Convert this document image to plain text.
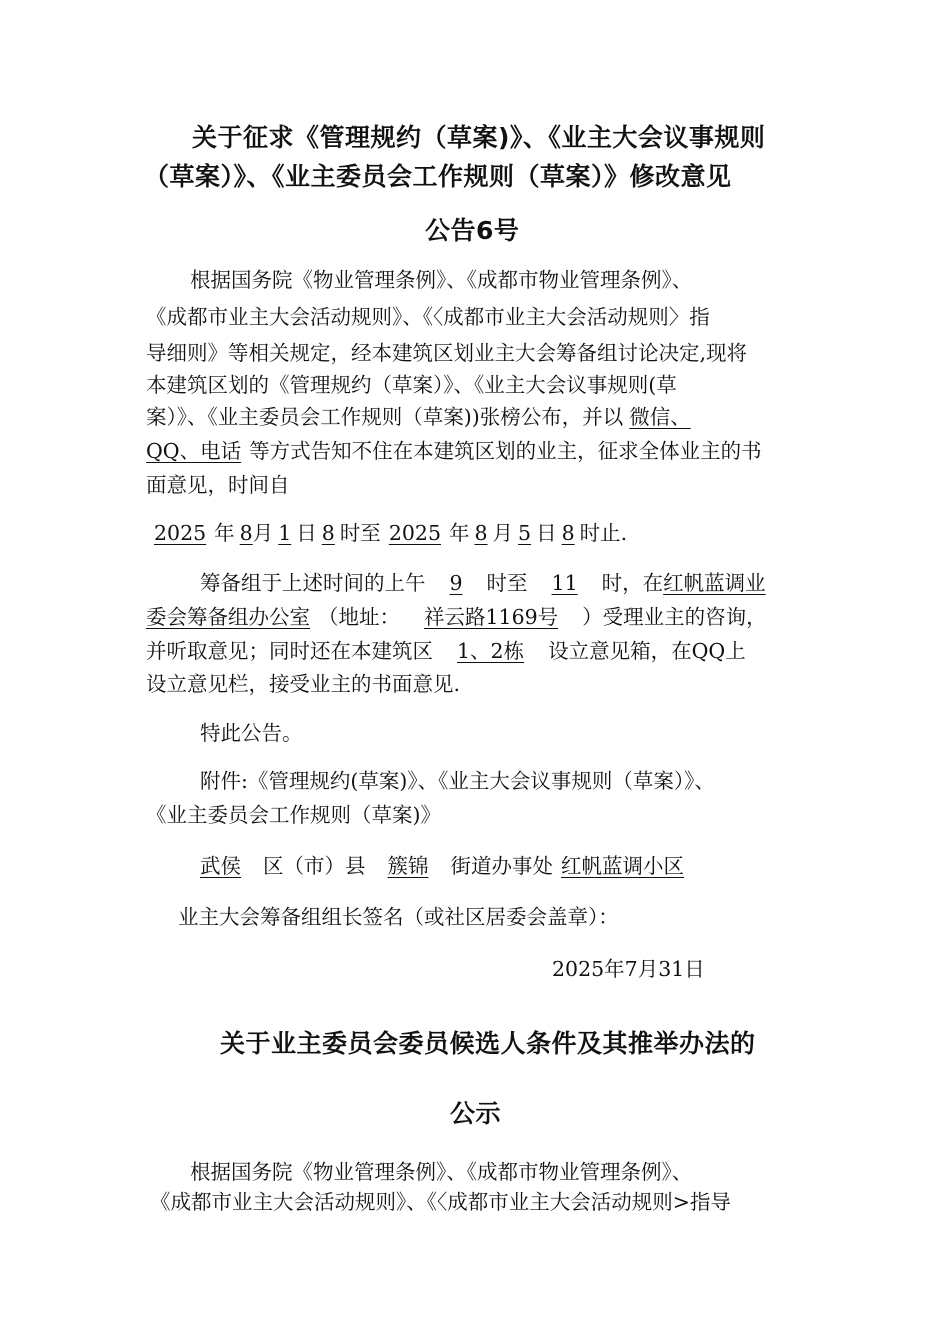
关于征求《管理规约（草案)》、《业主大会议事规则
（草案）》、《业主委员会工作规则（草案）》修改意见
公告6号
根据国务院《物业管理条例》、《成都市物业管理条例》、
《成都市业主大会活动规则》、《〈成都市业主大会活动规则〉指
导细则》等相关规定，经本建筑区划业主大会筹备组讨论决定,现将
本建筑区划的《管理规约（草案）》、《业主大会议事规则(草
案）》、《业主委员会工作规则（草案))张榜公布，并以 微信、
QQ、电话 等方式告知不住在本建筑区划的业主，征求全体业主的书
面意见，时间自
2025 年 8月 1 日 8 时至 2025 年 8 月 5 日 8 时止.
筹备组于上述时间的上午 9 时至 11 时，在红帆蓝调业
委会筹备组办公室 （地址： 祥云路1169号 ）受理业主的咨询，
并听取意见；同时还在本建筑区 1、2栋 设立意见箱，在QQ上
设立意见栏，接受业主的书面意见.
特此公告。
附件:《管理规约(草案)》、《业主大会议事规则（草案）》、
《业主委员会工作规则（草案)》
武侯 区（市）县 簇锦 街道办事处 红帆蓝调小区
业主大会筹备组组长签名（或社区居委会盖章）：
2025年7月31日
关于业主委员会委员候选人条件及其推举办法的
公示
根据国务院《物业管理条例》、《成都市物业管理条例》、
《成都市业主大会活动规则》、《〈成都市业主大会活动规则>指导
